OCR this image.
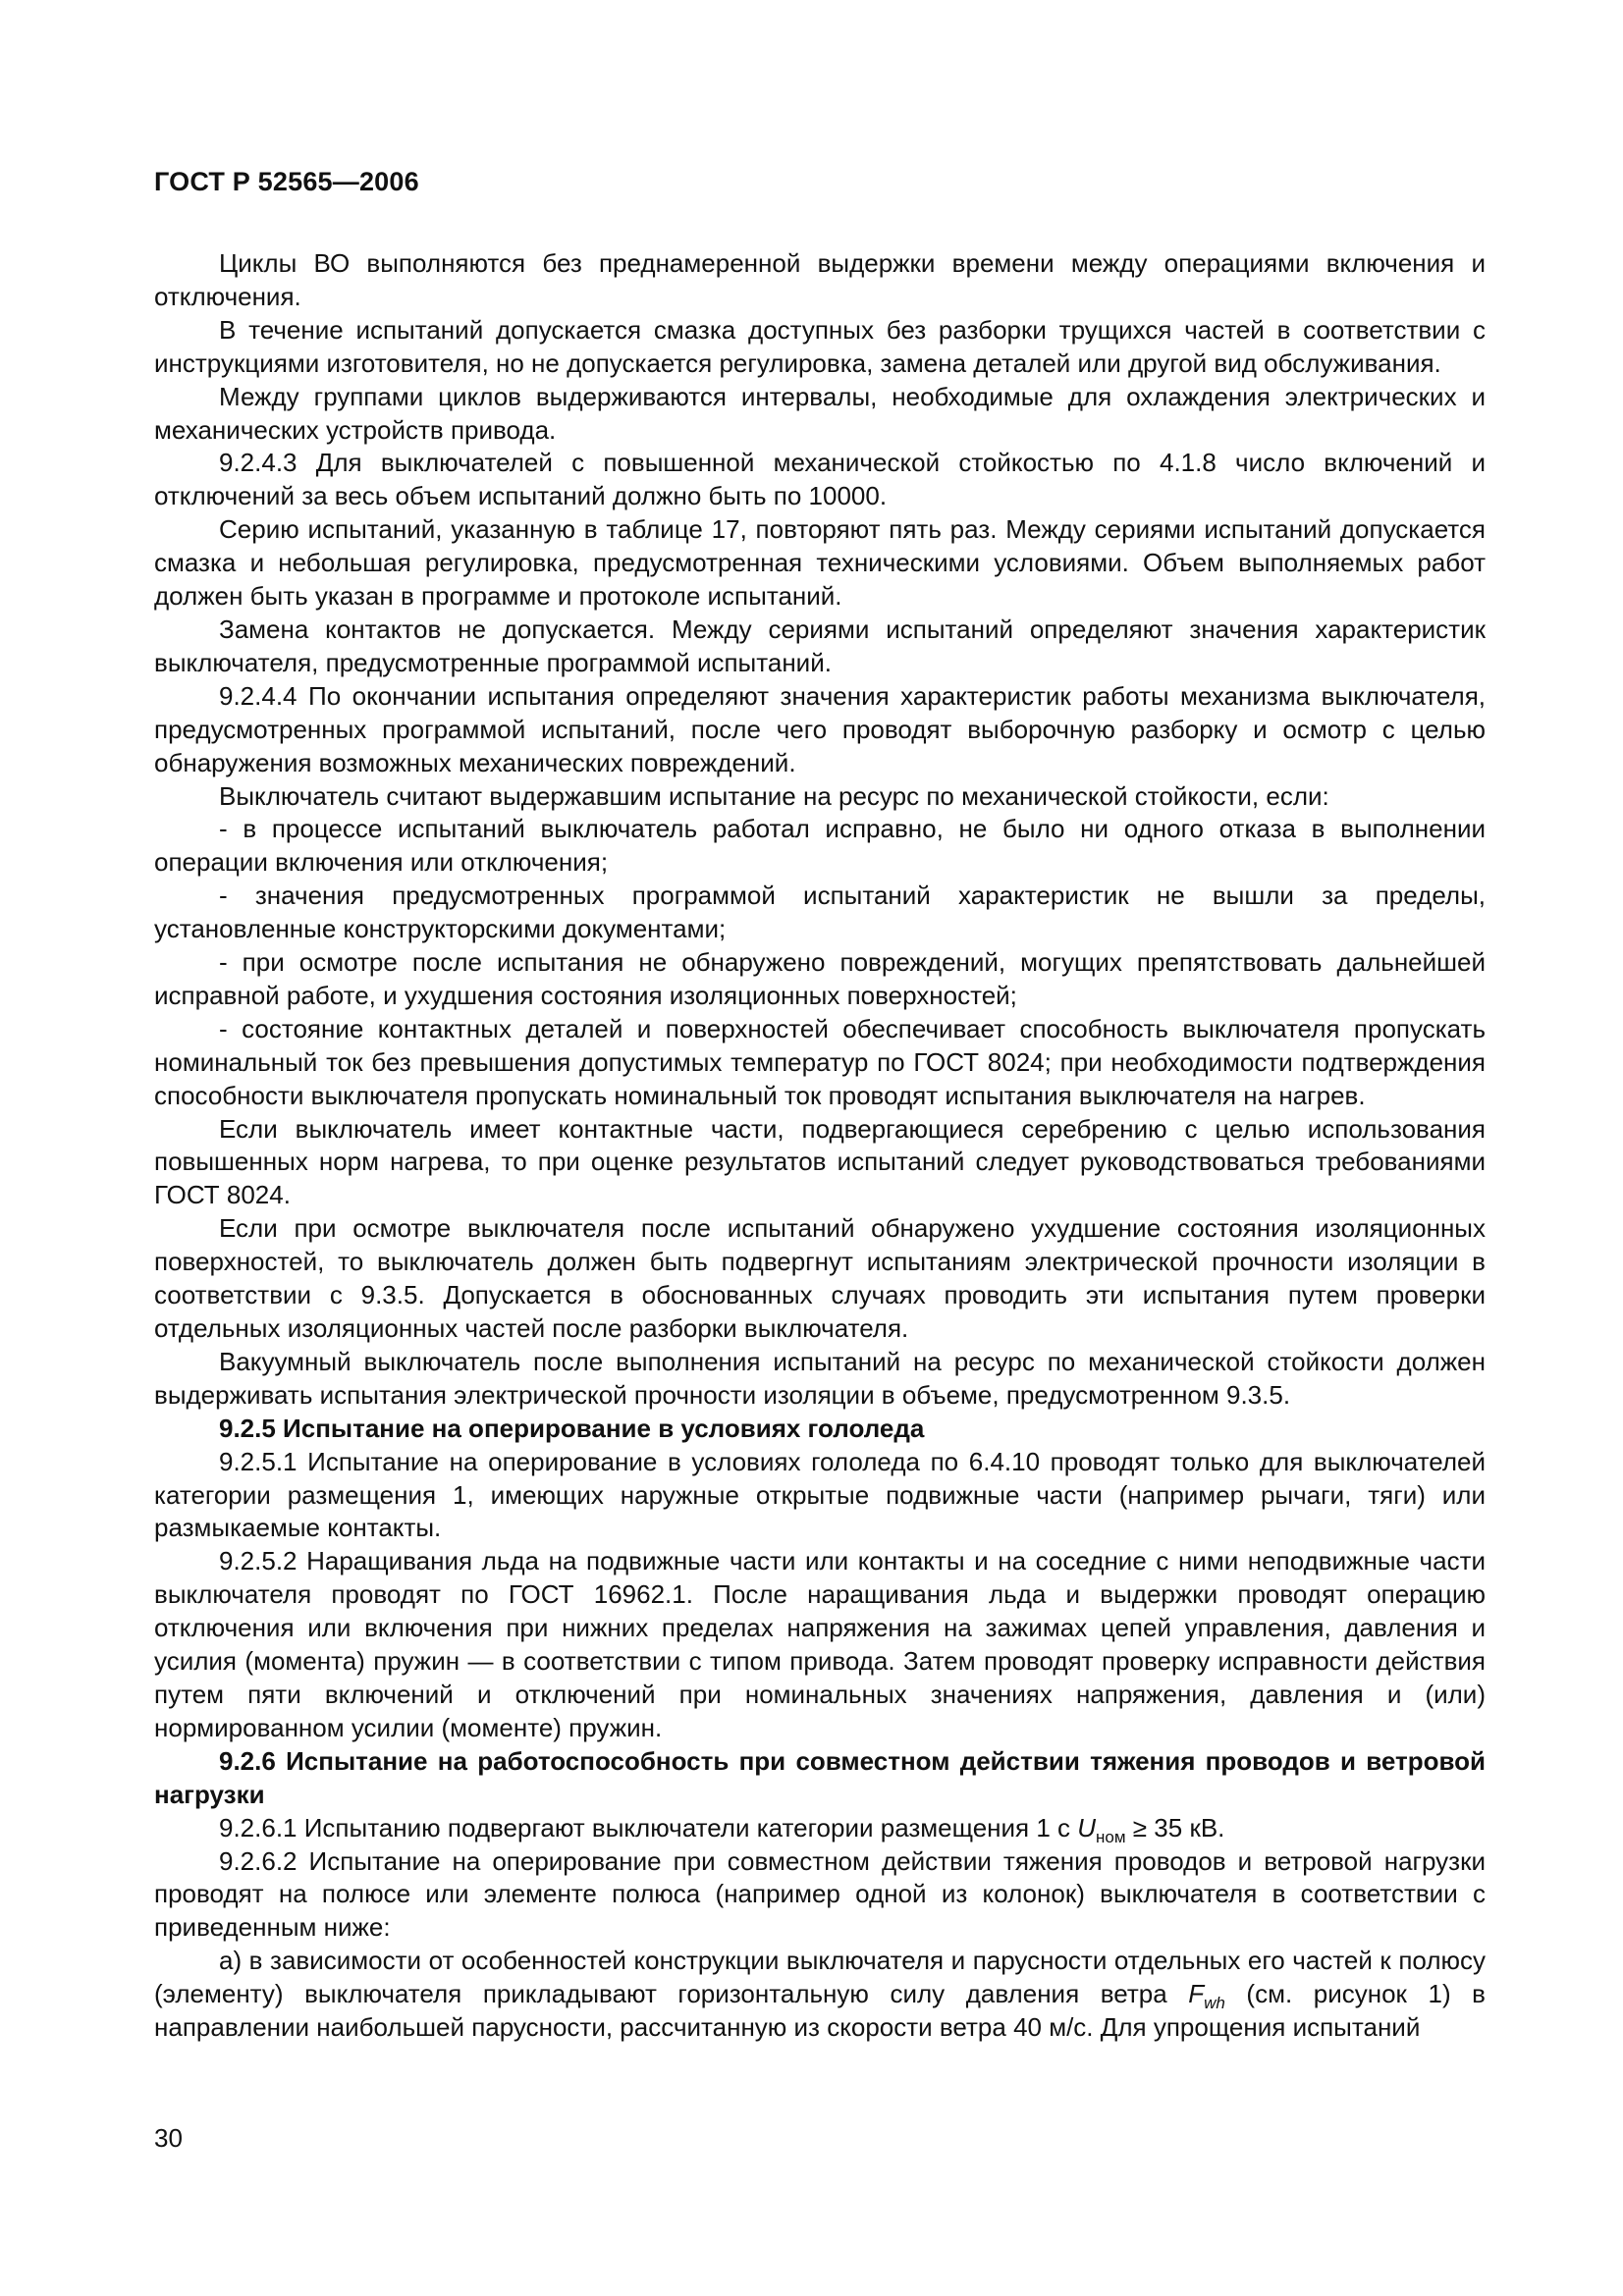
ГОСТ Р 52565—2006

Циклы ВО выполняются без преднамеренной выдержки времени между операциями включения и отключения.

В течение испытаний допускается смазка доступных без разборки трущихся частей в соответствии с инструкциями изготовителя, но не допускается регулировка, замена деталей или другой вид обслуживания.

Между группами циклов выдерживаются интервалы, необходимые для охлаждения электрических и механических устройств привода.

9.2.4.3 Для выключателей с повышенной механической стойкостью по 4.1.8 число включений и отключений за весь объем испытаний должно быть по 10000.

Серию испытаний, указанную в таблице 17, повторяют пять раз. Между сериями испытаний допускается смазка и небольшая регулировка, предусмотренная техническими условиями. Объем выполняемых работ должен быть указан в программе и протоколе испытаний.

Замена контактов не допускается. Между сериями испытаний определяют значения характеристик выключателя, предусмотренные программой испытаний.

9.2.4.4 По окончании испытания определяют значения характеристик работы механизма выключателя, предусмотренных программой испытаний, после чего проводят выборочную разборку и осмотр с целью обнаружения возможных механических повреждений.

Выключатель считают выдержавшим испытание на ресурс по механической стойкости, если:

- в процессе испытаний выключатель работал исправно, не было ни одного отказа в выполнении операции включения или отключения;

- значения предусмотренных программой испытаний характеристик не вышли за пределы, установленные конструкторскими документами;

- при осмотре после испытания не обнаружено повреждений, могущих препятствовать дальнейшей исправной работе, и ухудшения состояния изоляционных поверхностей;

- состояние контактных деталей и поверхностей обеспечивает способность выключателя пропускать номинальный ток без превышения допустимых температур по ГОСТ 8024; при необходимости подтверждения способности выключателя пропускать номинальный ток проводят испытания выключателя на нагрев.

Если выключатель имеет контактные части, подвергающиеся серебрению с целью использования повышенных норм нагрева, то при оценке результатов испытаний следует руководствоваться требованиями ГОСТ 8024.

Если при осмотре выключателя после испытаний обнаружено ухудшение состояния изоляционных поверхностей, то выключатель должен быть подвергнут испытаниям электрической прочности изоляции в соответствии с 9.3.5. Допускается в обоснованных случаях проводить эти испытания путем проверки отдельных изоляционных частей после разборки выключателя.

Вакуумный выключатель после выполнения испытаний на ресурс по механической стойкости должен выдерживать испытания электрической прочности изоляции в объеме, предусмотренном 9.3.5.

9.2.5 Испытание на оперирование в условиях гололеда

9.2.5.1 Испытание на оперирование в условиях гололеда по 6.4.10 проводят только для выключателей категории размещения 1, имеющих наружные открытые подвижные части (например рычаги, тяги) или размыкаемые контакты.

9.2.5.2 Наращивания льда на подвижные части или контакты и на соседние с ними неподвижные части выключателя проводят по ГОСТ 16962.1. После наращивания льда и выдержки проводят операцию отключения или включения при нижних пределах напряжения на зажимах цепей управления, давления и усилия (момента) пружин — в соответствии с типом привода. Затем проводят проверку исправности действия путем пяти включений и отключений при номинальных значениях напряжения, давления и (или) нормированном усилии (моменте) пружин.

9.2.6 Испытание на работоспособность при совместном действии тяжения проводов и ветровой нагрузки

9.2.6.1 Испытанию подвергают выключатели категории размещения 1 с $U_{ном} \ge 35$ кВ.

9.2.6.2 Испытание на оперирование при совместном действии тяжения проводов и ветровой нагрузки проводят на полюсе или элементе полюса (например одной из колонок) выключателя в соответствии с приведенным ниже:

а) в зависимости от особенностей конструкции выключателя и парусности отдельных его частей к полюсу (элементу) выключателя прикладывают горизонтальную силу давления ветра $F_{wh}$ (см. рисунок 1) в направлении наибольшей парусности, рассчитанную из скорости ветра 40 м/с. Для упрощения испытаний

30
